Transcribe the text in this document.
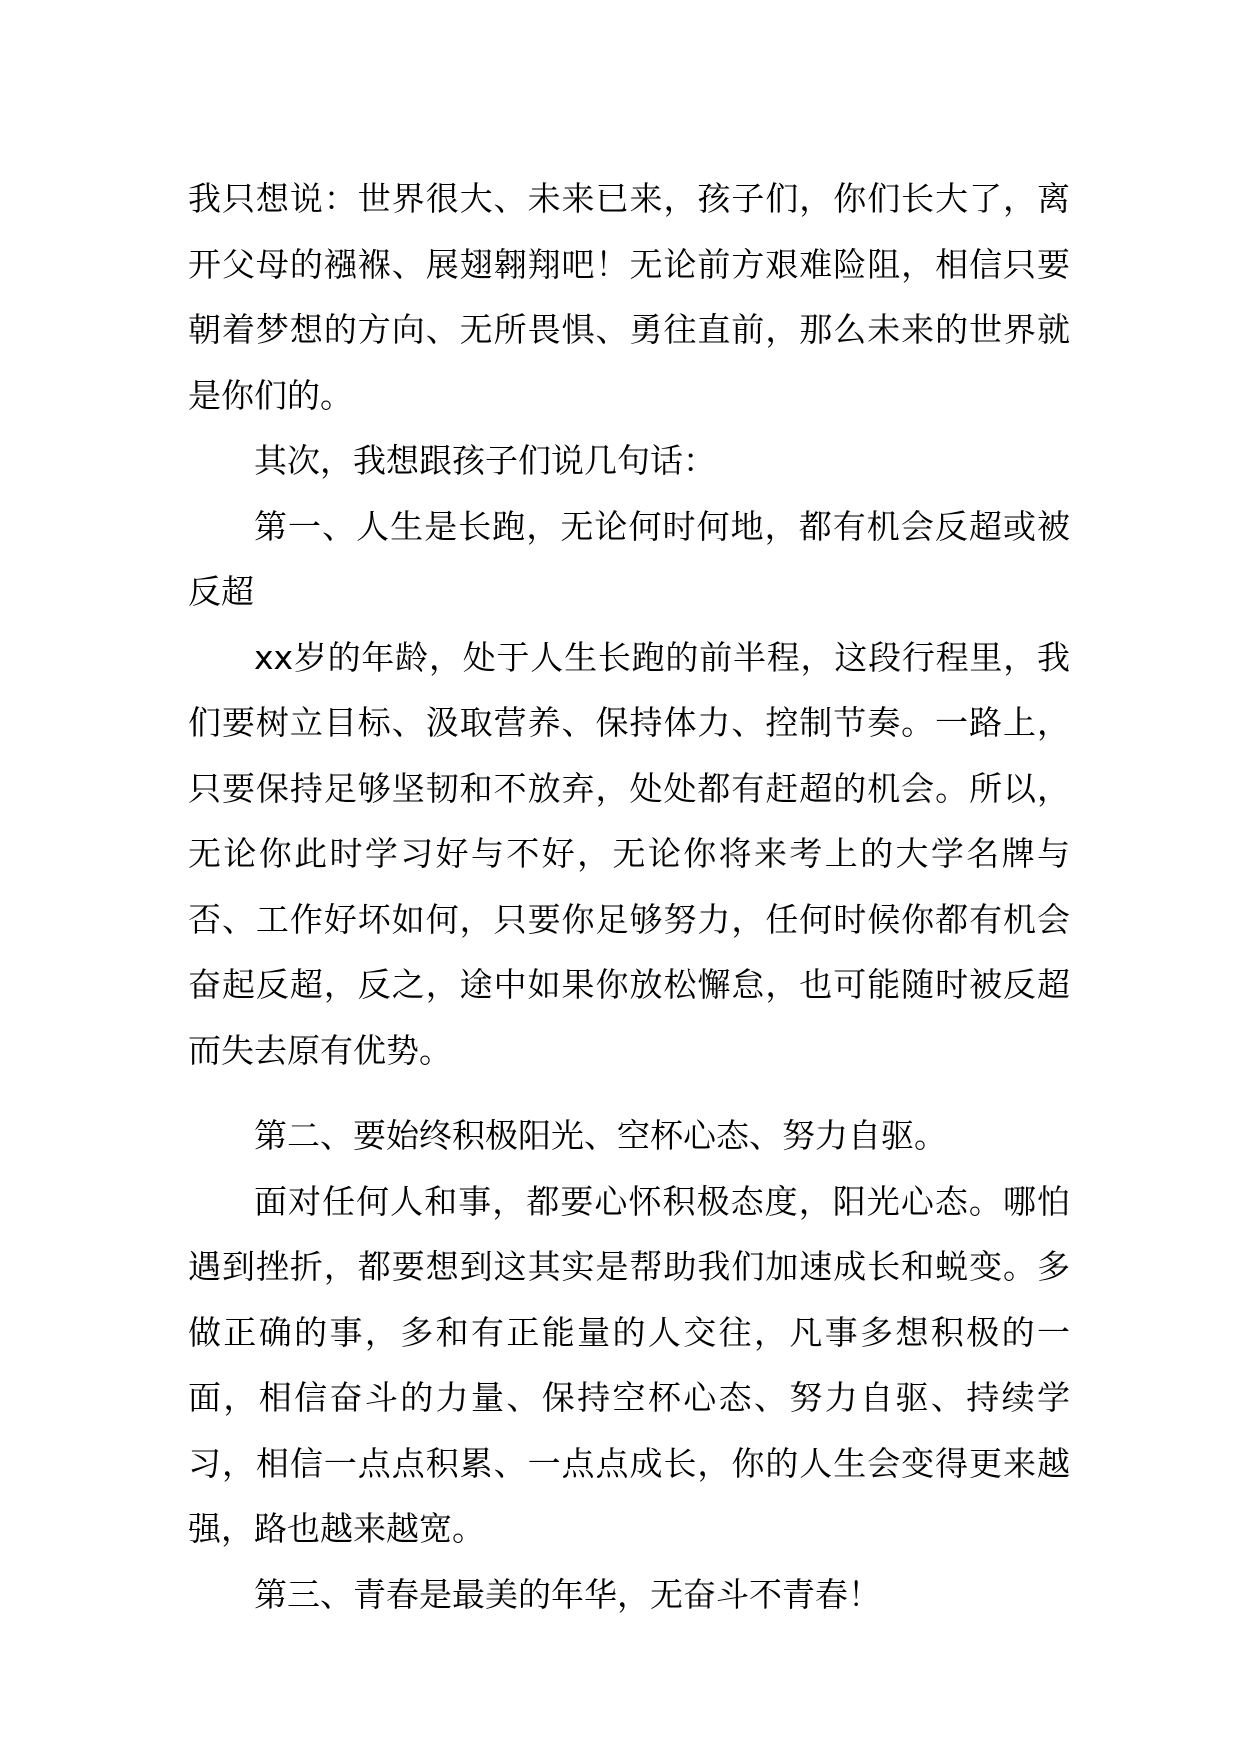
我只想说：世界很大、未来已来，孩子们，你们长大了，离开父母的襁褓、展翅翱翔吧！无论前方艰难险阻，相信只要朝着梦想的方向、无所畏惧、勇往直前，那么未来的世界就是你们的。

其次，我想跟孩子们说几句话：

第一、人生是长跑，无论何时何地，都有机会反超或被反超

xx岁的年龄，处于人生长跑的前半程，这段行程里，我们要树立目标、汲取营养、保持体力、控制节奏。一路上，只要保持足够坚韧和不放弃，处处都有赶超的机会。所以，无论你此时学习好与不好，无论你将来考上的大学名牌与否、工作好坏如何，只要你足够努力，任何时候你都有机会奋起反超，反之，途中如果你放松懈怠，也可能随时被反超而失去原有优势。

第二、要始终积极阳光、空杯心态、努力自驱。

面对任何人和事，都要心怀积极态度，阳光心态。哪怕遇到挫折，都要想到这其实是帮助我们加速成长和蜕变。多做正确的事，多和有正能量的人交往，凡事多想积极的一面，相信奋斗的力量、保持空杯心态、努力自驱、持续学习，相信一点点积累、一点点成长，你的人生会变得更来越强，路也越来越宽。

第三、青春是最美的年华，无奋斗不青春！
